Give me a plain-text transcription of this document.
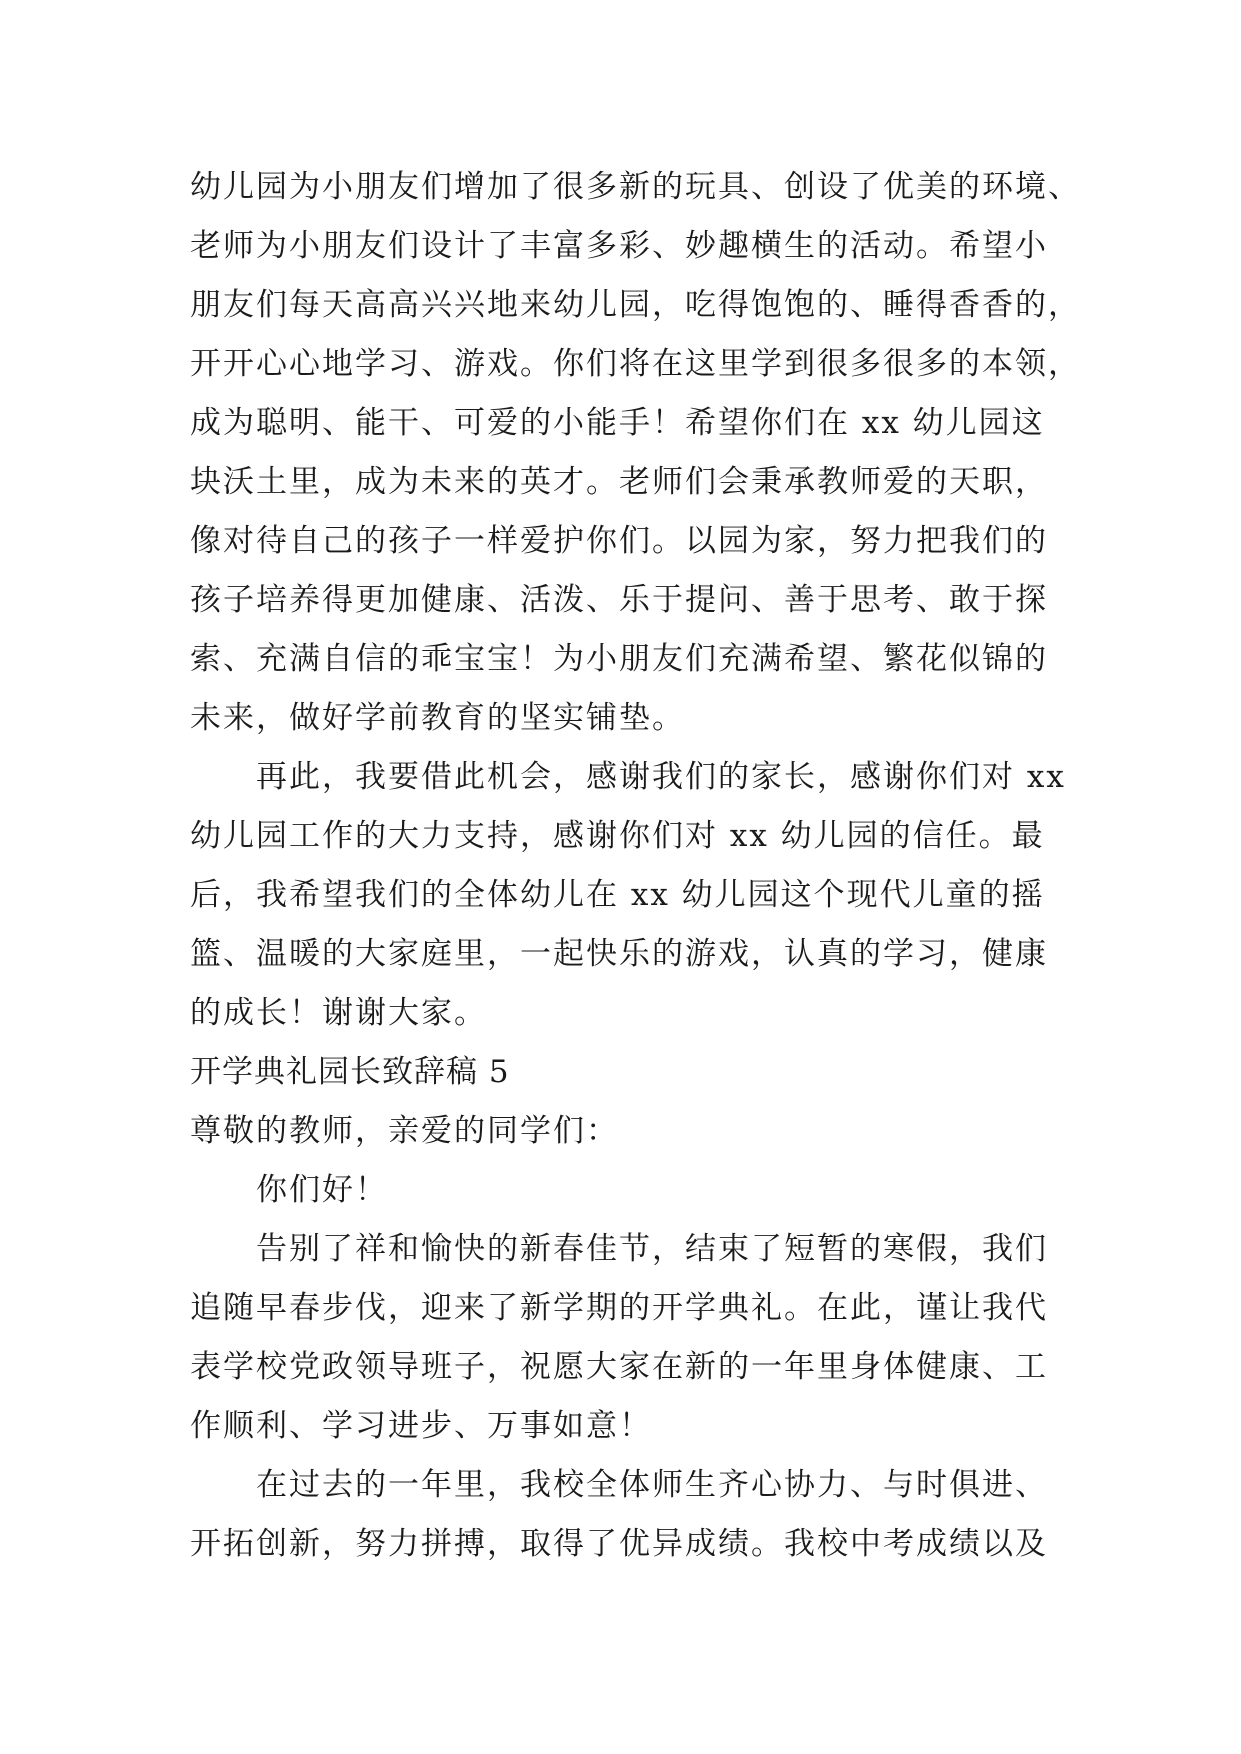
幼儿园为小朋友们增加了很多新的玩具、创设了优美的环境、

老师为小朋友们设计了丰富多彩、妙趣横生的活动。希望小

朋友们每天高高兴兴地来幼儿园，吃得饱饱的、睡得香香的，

开开心心地学习、游戏。你们将在这里学到很多很多的本领，

成为聪明、能干、可爱的小能手！希望你们在 xx 幼儿园这

块沃土里，成为未来的英才。老师们会秉承教师爱的天职，

像对待自己的孩子一样爱护你们。以园为家，努力把我们的

孩子培养得更加健康、活泼、乐于提问、善于思考、敢于探

索、充满自信的乖宝宝！为小朋友们充满希望、繁花似锦的

未来，做好学前教育的坚实铺垫。

再此，我要借此机会，感谢我们的家长，感谢你们对 xx

幼儿园工作的大力支持，感谢你们对 xx 幼儿园的信任。最

后，我希望我们的全体幼儿在 xx 幼儿园这个现代儿童的摇

篮、温暖的大家庭里，一起快乐的游戏，认真的学习，健康

的成长！谢谢大家。

开学典礼园长致辞稿 5

尊敬的教师，亲爱的同学们：

你们好！

告别了祥和愉快的新春佳节，结束了短暂的寒假，我们

追随早春步伐，迎来了新学期的开学典礼。在此，谨让我代

表学校党政领导班子，祝愿大家在新的一年里身体健康、工

作顺利、学习进步、万事如意！

在过去的一年里，我校全体师生齐心协力、与时俱进、

开拓创新，努力拼搏，取得了优异成绩。我校中考成绩以及
